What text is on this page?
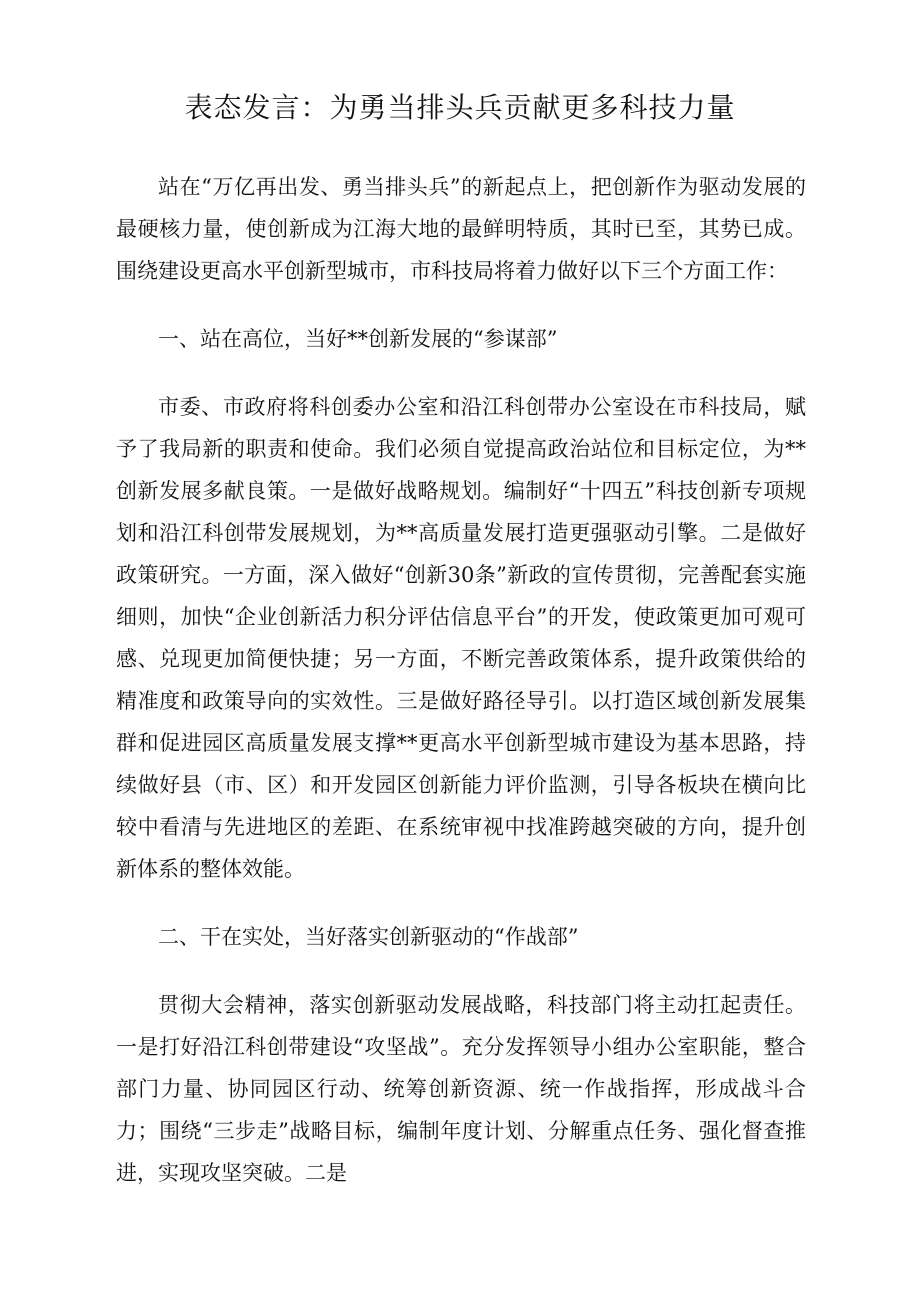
表态发言：为勇当排头兵贡献更多科技力量

站在“万亿再出发、勇当排头兵”的新起点上，把创新作为驱动发展的最硬核力量，使创新成为江海大地的最鲜明特质，其时已至，其势已成。围绕建设更高水平创新型城市，市科技局将着力做好以下三个方面工作：

一、站在高位，当好**创新发展的“参谋部”

市委、市政府将科创委办公室和沿江科创带办公室设在市科技局，赋予了我局新的职责和使命。我们必须自觉提高政治站位和目标定位，为**创新发展多献良策。一是做好战略规划。编制好“十四五”科技创新专项规划和沿江科创带发展规划，为**高质量发展打造更强驱动引擎。二是做好政策研究。一方面，深入做好“创新30条”新政的宣传贯彻，完善配套实施细则，加快“企业创新活力积分评估信息平台”的开发，使政策更加可观可感、兑现更加简便快捷；另一方面，不断完善政策体系，提升政策供给的精准度和政策导向的实效性。三是做好路径导引。以打造区域创新发展集群和促进园区高质量发展支撑**更高水平创新型城市建设为基本思路，持续做好县（市、区）和开发园区创新能力评价监测，引导各板块在横向比较中看清与先进地区的差距、在系统审视中找准跨越突破的方向，提升创新体系的整体效能。

二、干在实处，当好落实创新驱动的“作战部”

贯彻大会精神，落实创新驱动发展战略，科技部门将主动扛起责任。一是打好沿江科创带建设“攻坚战”。充分发挥领导小组办公室职能，整合部门力量、协同园区行动、统筹创新资源、统一作战指挥，形成战斗合力；围绕“三步走”战略目标，编制年度计划、分解重点任务、强化督查推进，实现攻坚突破。二是
